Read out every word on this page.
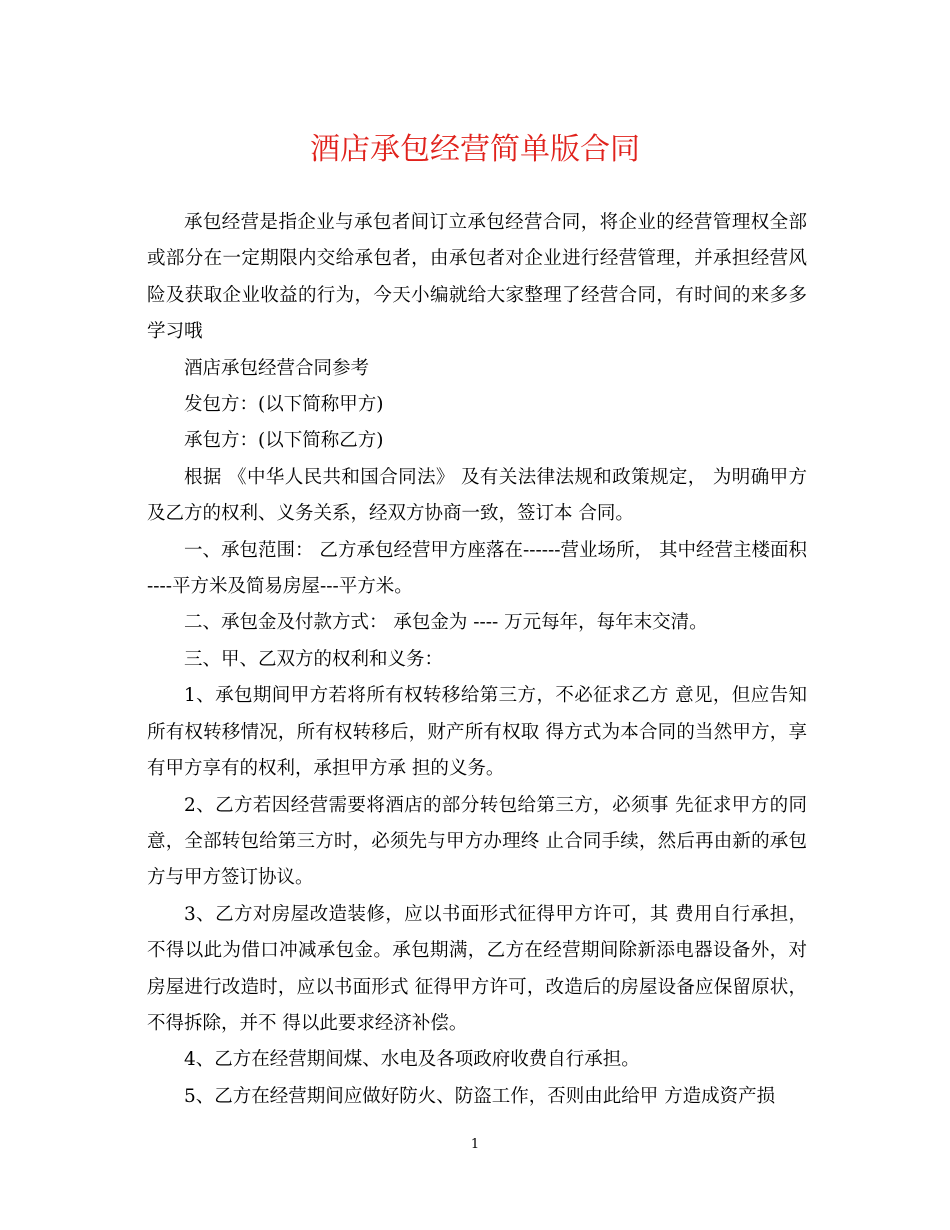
酒店承包经营简单版合同

承包经营是指企业与承包者间订立承包经营合同，将企业的经营管理权全部或部分在一定期限内交给承包者，由承包者对企业进行经营管理，并承担经营风险及获取企业收益的行为，今天小编就给大家整理了经营合同，有时间的来多多学习哦

酒店承包经营合同参考

发包方：(以下简称甲方)

承包方：(以下简称乙方)

根据 《中华人民共和国合同法》 及有关法律法规和政策规定， 为明确甲方及乙方的权利、义务关系，经双方协商一致，签订本 合同。

一、承包范围： 乙方承包经营甲方座落在------营业场所， 其中经营主楼面积 ----平方米及简易房屋---平方米。

二、承包金及付款方式： 承包金为 ---- 万元每年，每年末交清。

三、甲、乙双方的权利和义务：

1、承包期间甲方若将所有权转移给第三方，不必征求乙方 意见，但应告知所有权转移情况，所有权转移后，财产所有权取 得方式为本合同的当然甲方，享有甲方享有的权利，承担甲方承 担的义务。

2、乙方若因经营需要将酒店的部分转包给第三方，必须事 先征求甲方的同意，全部转包给第三方时，必须先与甲方办理终 止合同手续，然后再由新的承包方与甲方签订协议。

3、乙方对房屋改造装修，应以书面形式征得甲方许可，其 费用自行承担，不得以此为借口冲减承包金。承包期满，乙方在经营期间除新添电器设备外，对房屋进行改造时，应以书面形式 征得甲方许可，改造后的房屋设备应保留原状，不得拆除，并不 得以此要求经济补偿。

4、乙方在经营期间煤、水电及各项政府收费自行承担。

5、乙方在经营期间应做好防火、防盗工作，否则由此给甲 方造成资产损

1
